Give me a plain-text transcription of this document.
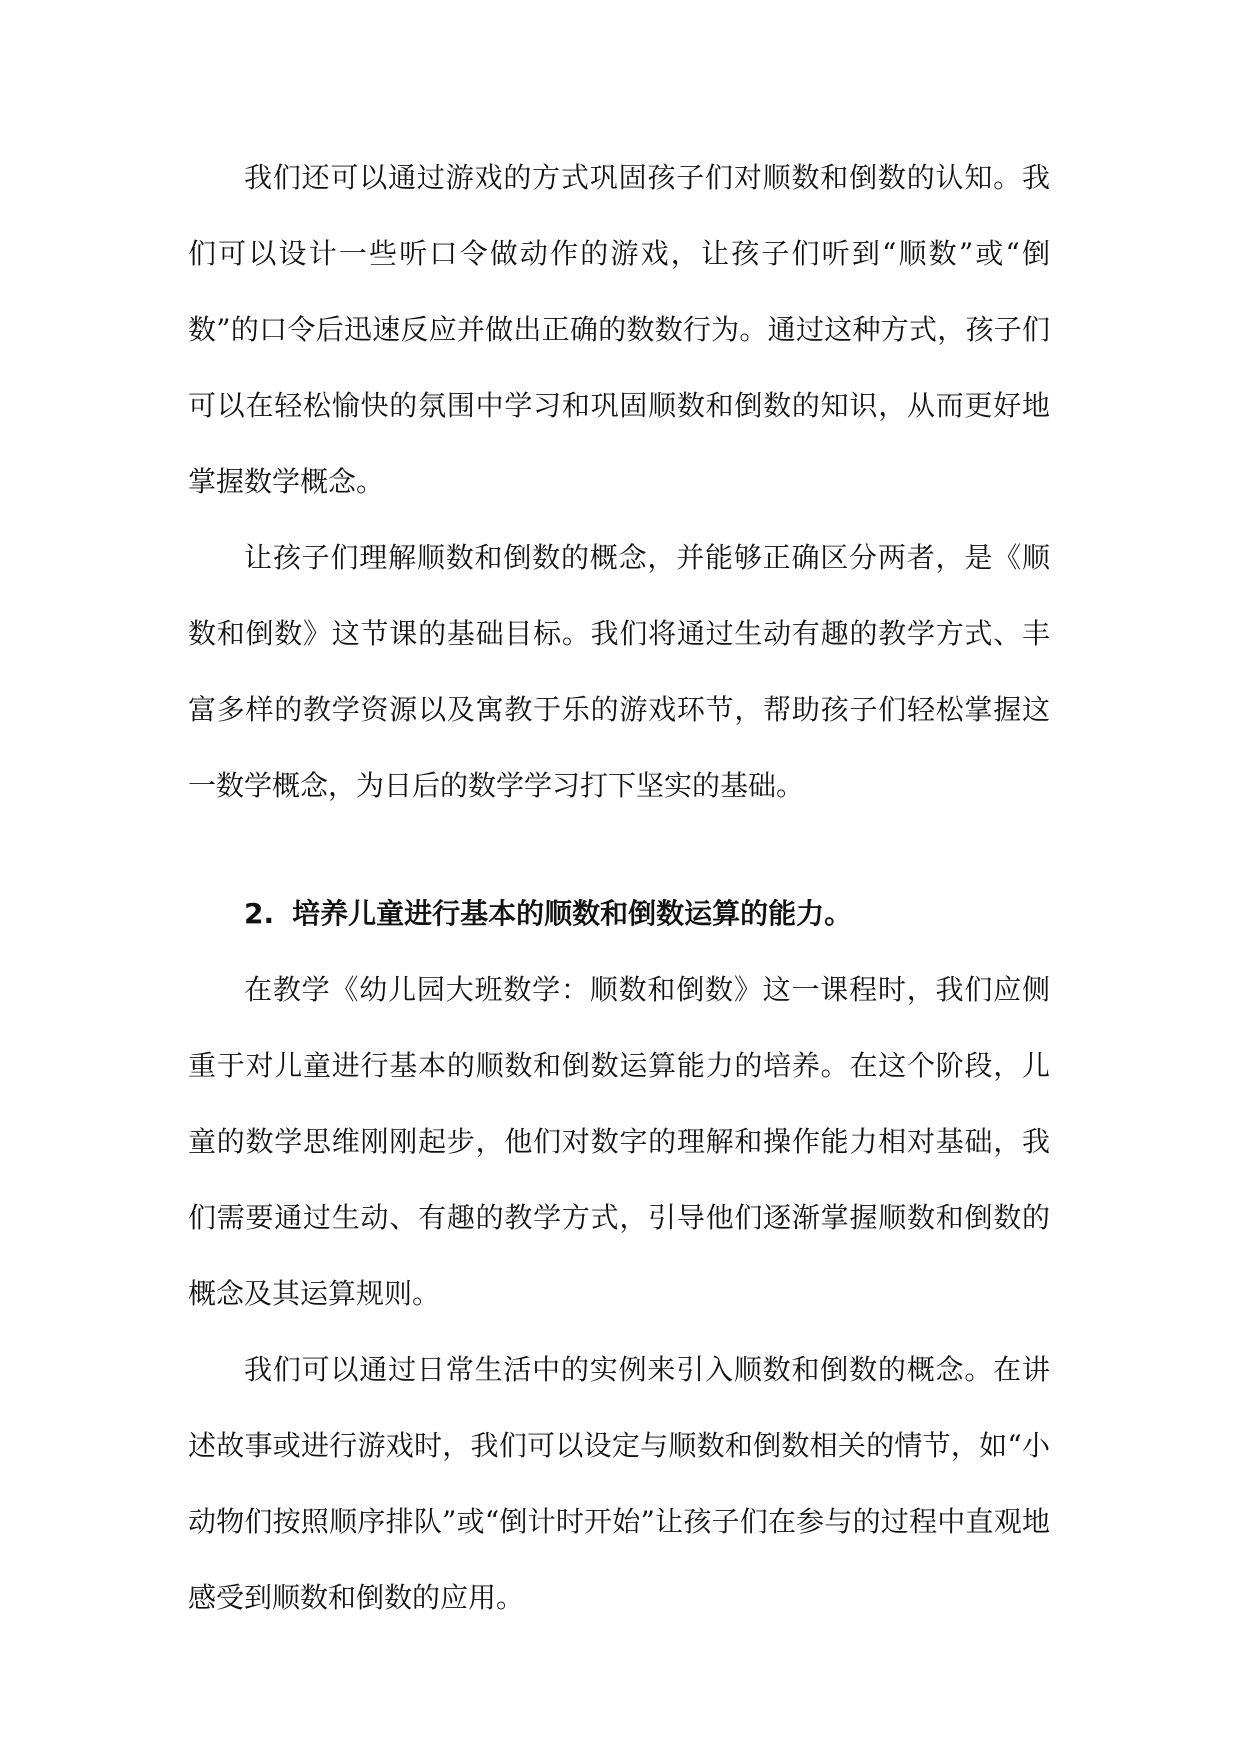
我们还可以通过游戏的方式巩固孩子们对顺数和倒数的认知。我们可以设计一些听口令做动作的游戏，让孩子们听到“顺数”或“倒数”的口令后迅速反应并做出正确的数数行为。通过这种方式，孩子们可以在轻松愉快的氛围中学习和巩固顺数和倒数的知识，从而更好地掌握数学概念。

让孩子们理解顺数和倒数的概念，并能够正确区分两者，是《顺数和倒数》这节课的基础目标。我们将通过生动有趣的教学方式、丰富多样的教学资源以及寓教于乐的游戏环节，帮助孩子们轻松掌握这一数学概念，为日后的数学学习打下坚实的基础。

2. 培养儿童进行基本的顺数和倒数运算的能力。

在教学《幼儿园大班数学：顺数和倒数》这一课程时，我们应侧重于对儿童进行基本的顺数和倒数运算能力的培养。在这个阶段，儿童的数学思维刚刚起步，他们对数字的理解和操作能力相对基础，我们需要通过生动、有趣的教学方式，引导他们逐渐掌握顺数和倒数的概念及其运算规则。

我们可以通过日常生活中的实例来引入顺数和倒数的概念。在讲述故事或进行游戏时，我们可以设定与顺数和倒数相关的情节，如“小动物们按照顺序排队”或“倒计时开始”让孩子们在参与的过程中直观地感受到顺数和倒数的应用。
